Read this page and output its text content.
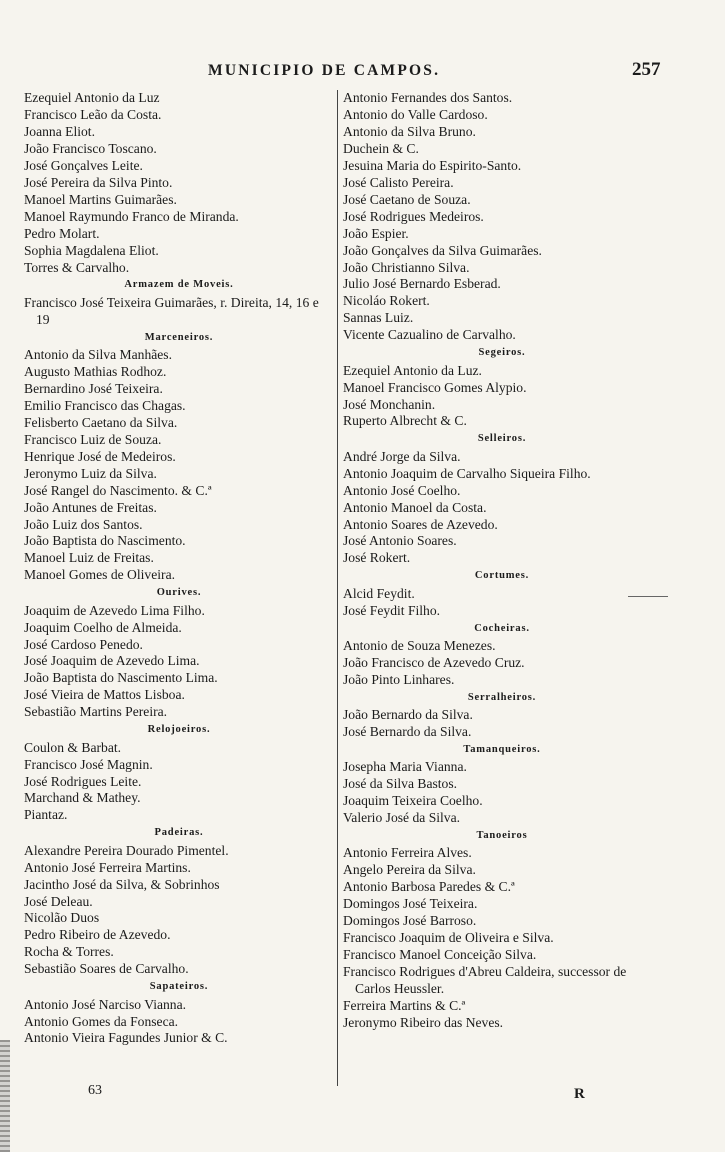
MUNICIPIO DE CAMPOS.	257
Ezequiel Antonio da Luz
Francisco Leão da Costa.
Joanna Eliot.
João Francisco Toscano.
José Gonçalves Leite.
José Pereira da Silva Pinto.
Manoel Martins Guimarães.
Manoel Raymundo Franco de Miranda.
Pedro Molart.
Sophia Magdalena Eliot.
Torres & Carvalho.
Armazem de Moveis.
Francisco José Teixeira Guimarães, r. Direita, 14, 16 e 19
Marceneiros.
Antonio da Silva Manhães.
Augusto Mathias Rodhoz.
Bernardino José Teixeira.
Emilio Francisco das Chagas.
Felisberto Caetano da Silva.
Francisco Luiz de Souza.
Henrique José de Medeiros.
Jeronymo Luiz da Silva.
José Rangel do Nascimento. & C.ª
João Antunes de Freitas.
João Luiz dos Santos.
João Baptista do Nascimento.
Manoel Luiz de Freitas.
Manoel Gomes de Oliveira.
Ourives.
Joaquim de Azevedo Lima Filho.
Joaquim Coelho de Almeida.
José Cardoso Penedo.
José Joaquim de Azevedo Lima.
João Baptista do Nascimento Lima.
José Vieira de Mattos Lisboa.
Sebastião Martins Pereira.
Relojoeiros.
Coulon & Barbat.
Francisco José Magnin.
José Rodrigues Leite.
Marchand & Mathey.
Piantaz.
Padeiras.
Alexandre Pereira Dourado Pimentel.
Antonio José Ferreira Martins.
Jacintho José da Silva, & Sobrinhos
José Deleau.
Nicolão Duos
Pedro Ribeiro de Azevedo.
Rocha & Torres.
Sebastião Soares de Carvalho.
Sapateiros.
Antonio José Narciso Vianna.
Antonio Gomes da Fonseca.
Antonio Vieira Fagundes Junior & C.
Antonio Fernandes dos Santos.
Antonio do Valle Cardoso.
Antonio da Silva Bruno.
Duchein & C.
Jesuina Maria do Espirito-Santo.
José Calisto Pereira.
José Caetano de Souza.
José Rodrigues Medeiros.
João Espier.
João Gonçalves da Silva Guimarães.
João Christianno Silva.
Julio José Bernardo Esberad.
Nicoláo Rokert.
Sannas Luiz.
Vicente Cazualino de Carvalho.
Segeiros.
Ezequiel Antonio da Luz.
Manoel Francisco Gomes Alypio.
José Monchanin.
Ruperto Albrecht & C.
Selleiros.
André Jorge da Silva.
Antonio Joaquim de Carvalho Siqueira Filho.
Antonio José Coelho.
Antonio Manoel da Costa.
Antonio Soares de Azevedo.
José Antonio Soares.
José Rokert.
Cortumes.
Alcid Feydit.
José Feydit Filho.
Cocheiras.
Antonio de Souza Menezes.
João Francisco de Azevedo Cruz.
João Pinto Linhares.
Serralheiros.
João Bernardo da Silva.
José Bernardo da Silva.
Tamanqueiros.
Josepha Maria Vianna.
José da Silva Bastos.
Joaquim Teixeira Coelho.
Valerio José da Silva.
Tanoeiros
Antonio Ferreira Alves.
Angelo Pereira da Silva.
Antonio Barbosa Paredes & C.ª
Domingos José Teixeira.
Domingos José Barroso.
Francisco Joaquim de Oliveira e Silva.
Francisco Manoel Conceição Silva.
Francisco Rodrigues d'Abreu Caldeira, successor de Carlos Heussler.
Ferreira Martins & C.ª
Jeronymo Ribeiro das Neves.
63	R
